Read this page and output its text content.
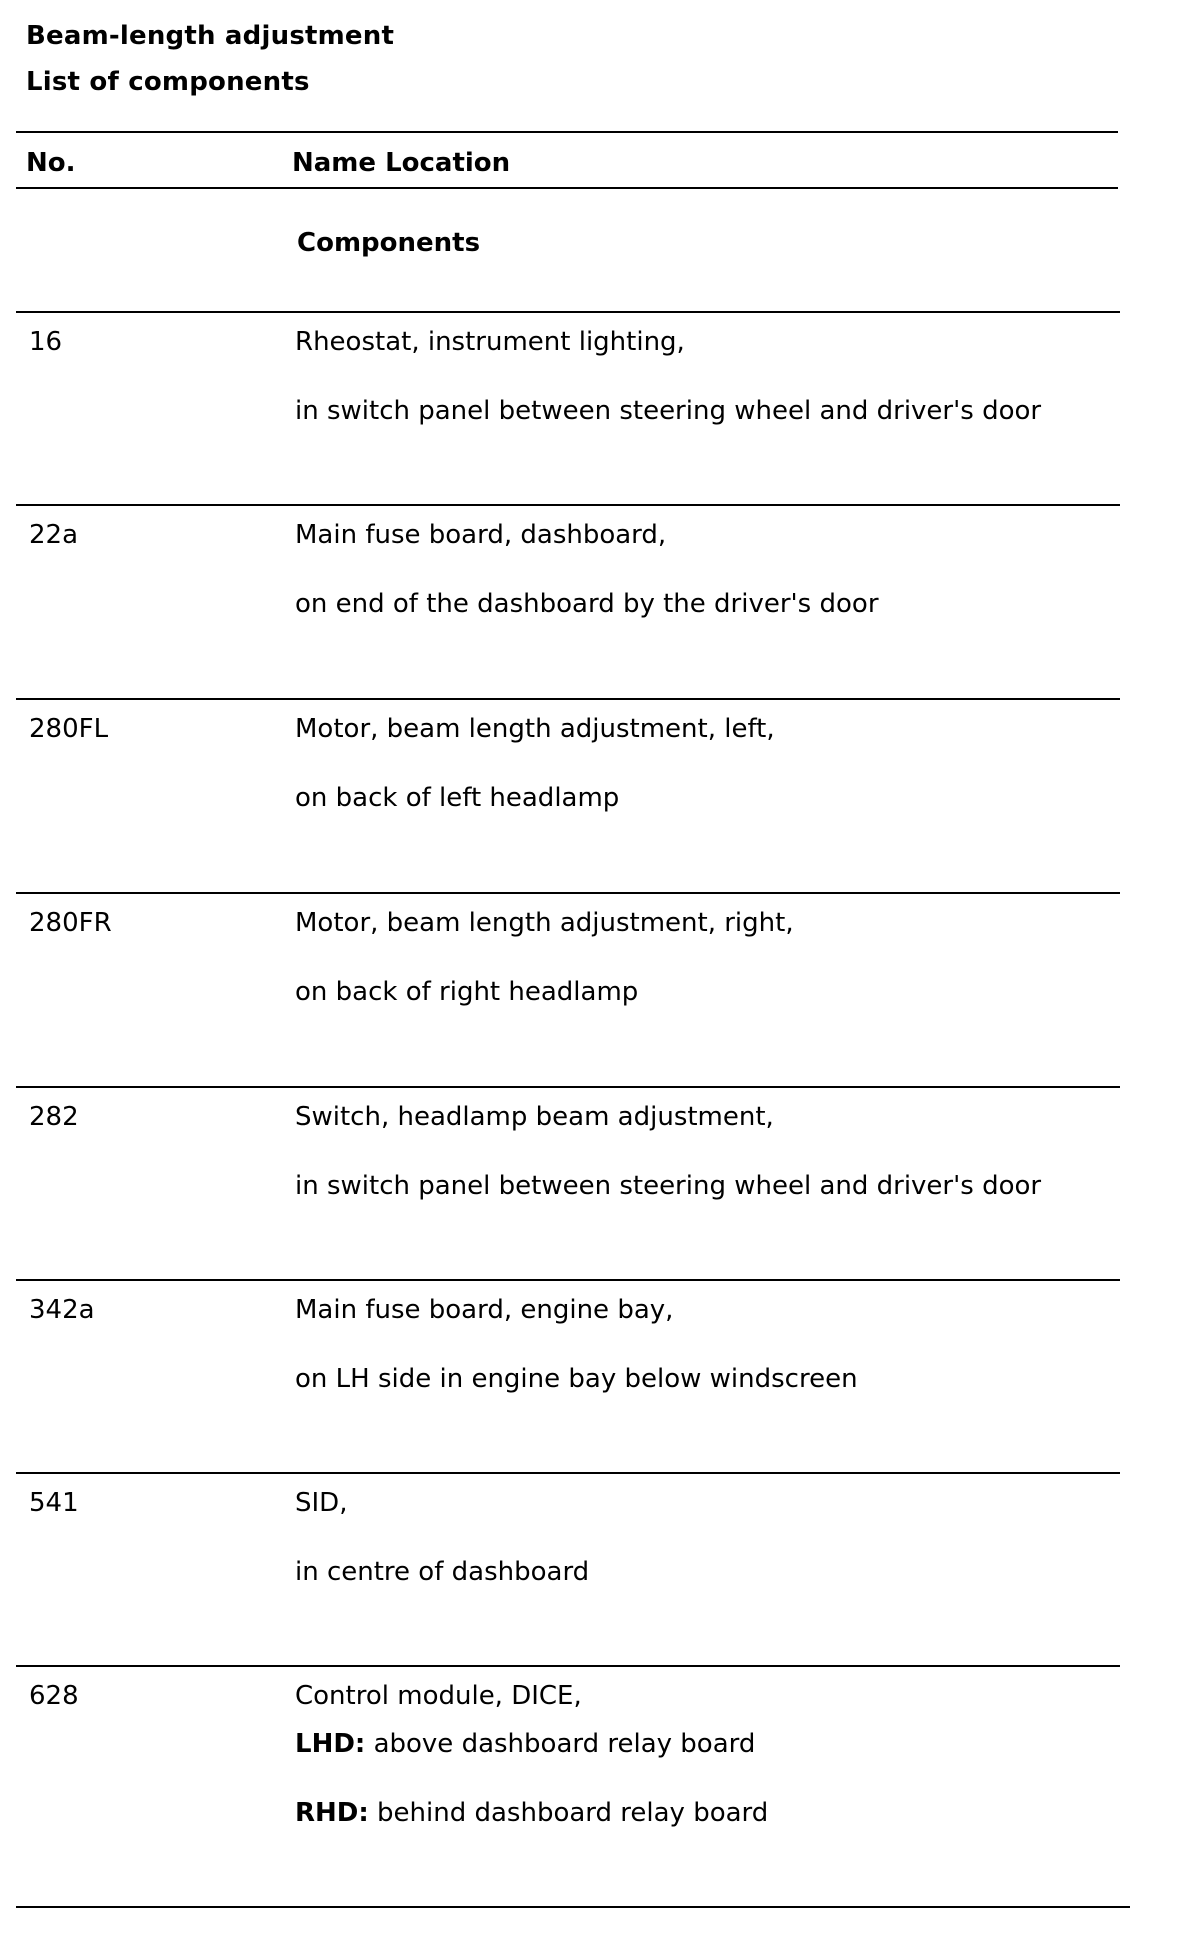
Beam-length adjustment
List of components
No.	Name Location
Components
16	Rheostat, instrument lighting,
in switch panel between steering wheel and driver's door
22a	Main fuse board, dashboard,
on end of the dashboard by the driver's door
280FL	Motor, beam length adjustment, left,
on back of left headlamp
280FR	Motor, beam length adjustment, right,
on back of right headlamp
282	Switch, headlamp beam adjustment,
in switch panel between steering wheel and driver's door
342a	Main fuse board, engine bay,
on LH side in engine bay below windscreen
541	SID,
in centre of dashboard
628	Control module, DICE,
LHD: above dashboard relay board
RHD: behind dashboard relay board
